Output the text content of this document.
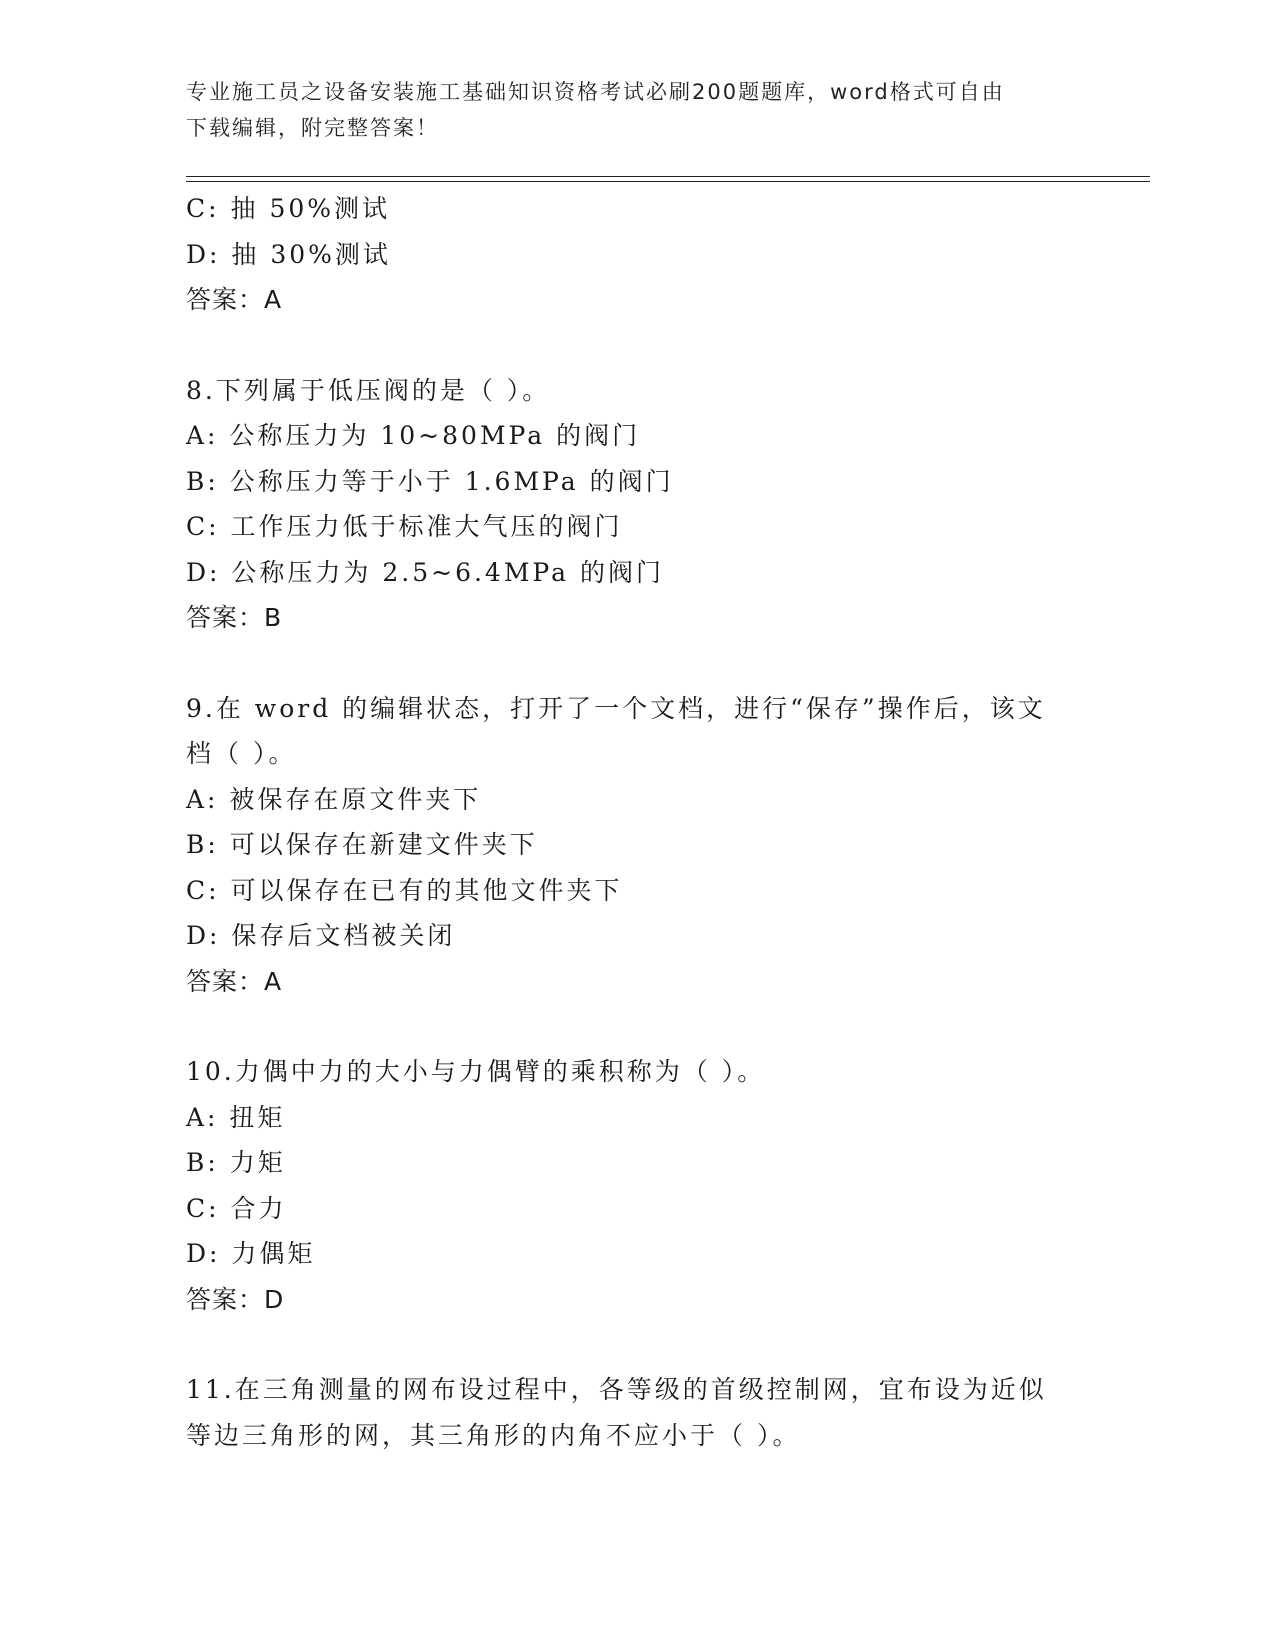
专业施工员之设备安装施工基础知识资格考试必刷200题题库，word格式可自由
下载编辑，附完整答案！
C: 抽 50%测试
D: 抽 30%测试
答案：A
8.下列属于低压阀的是（ ）。
A: 公称压力为 10~80MPa 的阀门
B: 公称压力等于小于 1.6MPa 的阀门
C: 工作压力低于标准大气压的阀门
D: 公称压力为 2.5~6.4MPa 的阀门
答案：B
9.在 word 的编辑状态，打开了一个文档，进行“保存”操作后，该文
档（ ）。
A: 被保存在原文件夹下
B: 可以保存在新建文件夹下
C: 可以保存在已有的其他文件夹下
D: 保存后文档被关闭
答案：A
10.力偶中力的大小与力偶臂的乘积称为（ ）。
A: 扭矩
B: 力矩
C: 合力
D: 力偶矩
答案：D
11.在三角测量的网布设过程中，各等级的首级控制网，宜布设为近似
等边三角形的网，其三角形的内角不应小于（ ）。
